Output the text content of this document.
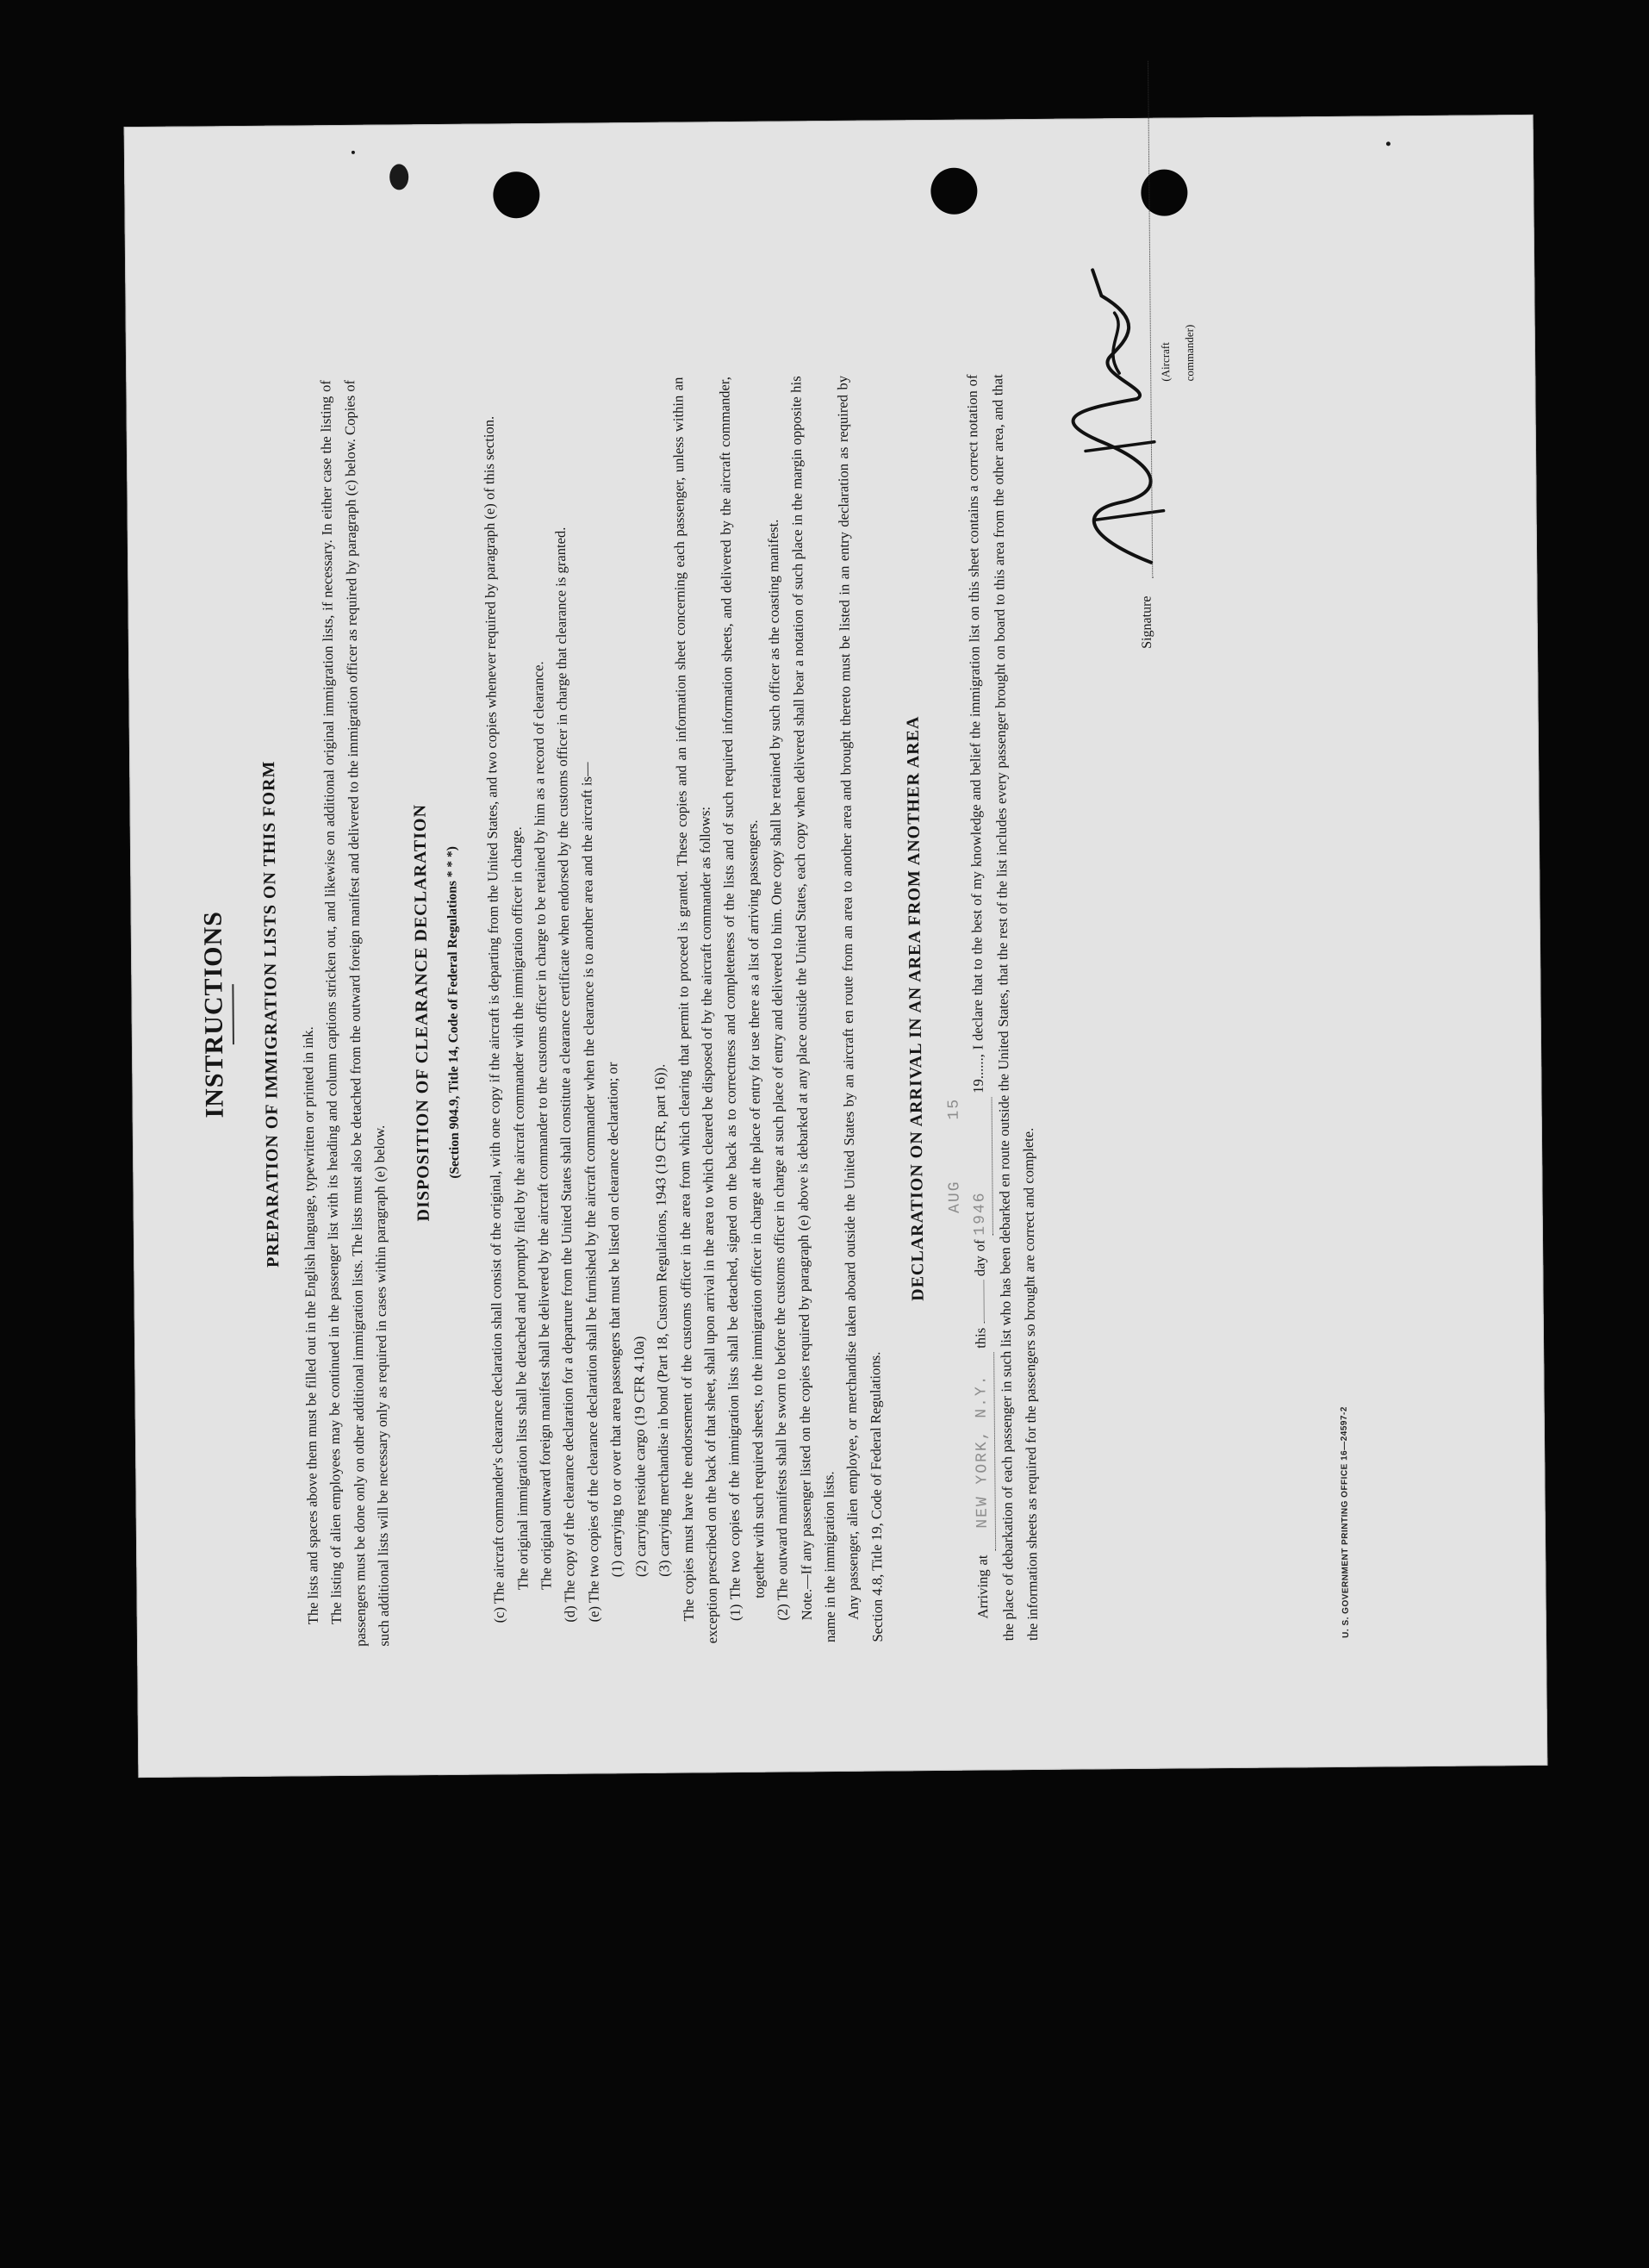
INSTRUCTIONS PREPARATION OF IMMIGRATION LISTS ON THIS FORM

The lists and spaces above them must be filled out in the English language, typewritten or printed in ink.

The listing of alien employees may be continued in the passenger list with its heading and column captions stricken out, and likewise on additional original immigration lists, if necessary. In either case the listing of passengers must be done only on other additional immigration lists. The lists must also be detached from the outward foreign manifest and delivered to the immigration officer as required by paragraph (c) below. Copies of such additional lists will be necessary only as required in cases within paragraph (e) below.

DISPOSITION OF CLEARANCE DECLARATION (Section 904.9, Title 14, Code of Federal Regulations * * *)	(c) The aircraft commander's clearance declaration shall consist of the original, with one copy if the aircraft is departing from the United States, and two copies whenever required by paragraph (e) of this section. The original immigration lists shall be detached and promptly filed by the aircraft commander with the immigration officer in charge. The original outward foreign manifest shall be delivered by the aircraft commander to the customs officer in charge to be retained by him as a record of clearance.

(d) The copy of the clearance declaration for a departure from the United States shall constitute a clearance certificate when endorsed by the customs officer in charge that clearance is granted. (e) The two copies of the clearance declaration shall be furnished by the aircraft commander when the clearance is to another area and the aircraft is— (1) carrying to or over that area passengers that must be listed on clearance declaration; or (2) carrying residue cargo (19 CFR 4.10a) (3) carrying merchandise in bond (Part 18, Custom Regulations, 1943 (19 CFR, part 16)).

The copies must have the endorsement of the customs officer in the area from which clearing that permit to proceed is granted. These copies and an information sheet concerning each passenger, unless within an exception prescribed on the back of that sheet, shall upon arrival in the area to which cleared be disposed of by the aircraft commander as follows:

(1) The two copies of the immigration lists shall be detached, signed on the back as to correctness and completeness of the lists and of such required information sheets, and delivered by the aircraft commander, together with such required sheets, to the immigration officer in charge at the place of entry for use there as a list of arriving passengers.

(2) The outward manifests shall be sworn to before the customs officer in charge at such place of entry and delivered to him. One copy shall be retained by such officer as the coasting manifest.

Note.—If any passenger listed on the copies required by paragraph (e) above is debarked at any place outside the United States, each copy when delivered shall bear a notation of such place in the margin opposite his name in the immigration lists.

Any passenger, alien employee, or merchandise taken aboard outside the United States by an aircraft en route from an area to another area and brought thereto must be listed in an entry declaration as required by Section 4.8, Title 19, Code of Federal Regulations.

DECLARATION ON ARRIVAL IN AN AREA FROM ANOTHER AREA

Arriving at NEW YORK, N.Y. this  day of AUG 15 1946 19......, I declare that to the best of my knowledge and belief the immigration list on this sheet contains a correct notation of the place of debarkation of each passenger in such list who has been debarked en route outside the United States, that the rest of the list includes every passenger brought on board to this area from the other area, and that the information sheets as required for the passengers so brought are correct and complete.

Signature
(Aircraft commander)
U. S. GOVERNMENT PRINTING OFFICE 16—24597-2
